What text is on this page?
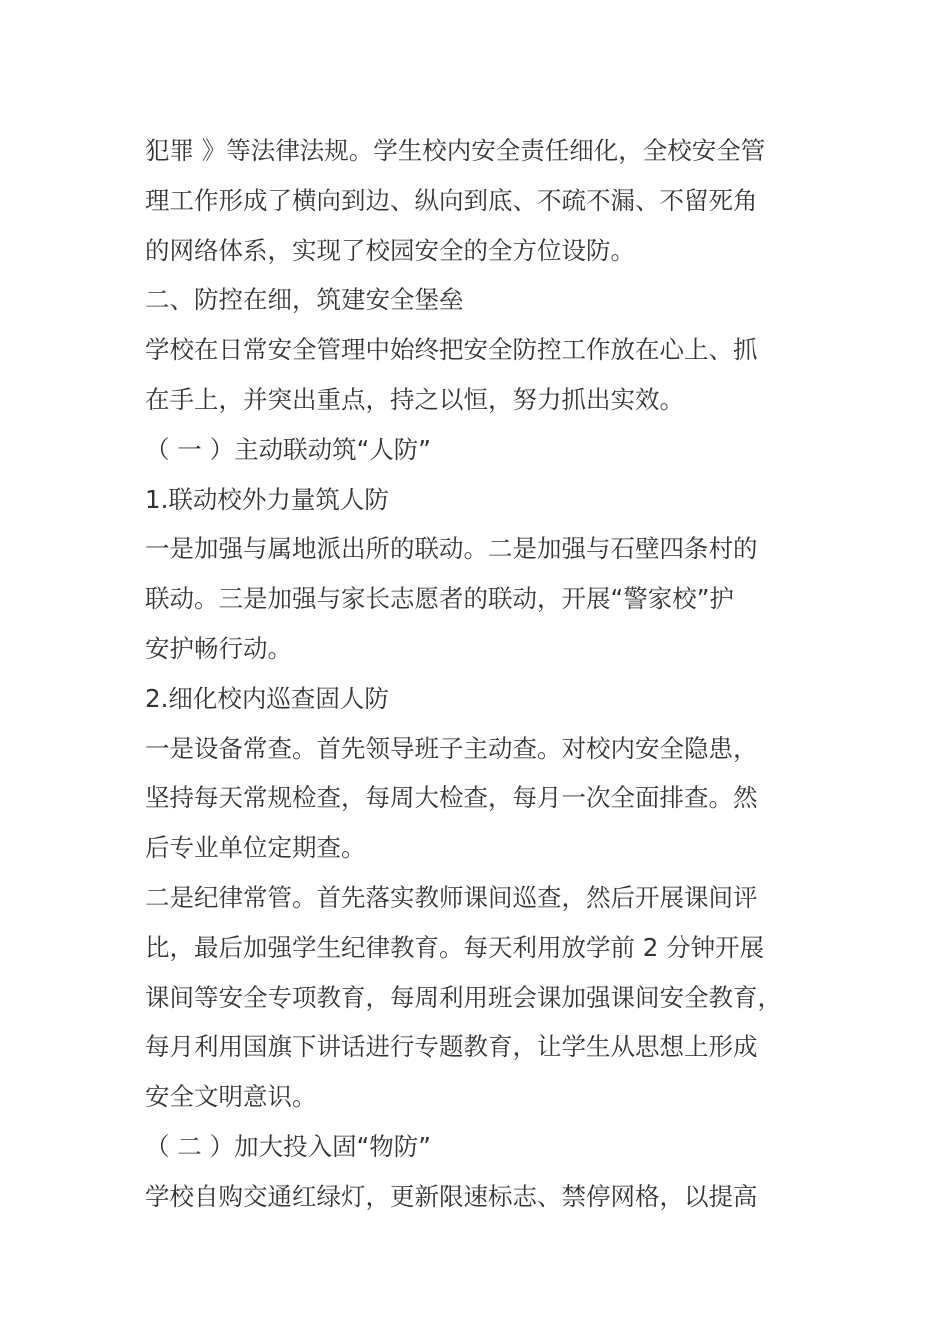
犯罪 》等法律法规。学生校内安全责任细化，全校安全管
理工作形成了横向到边、纵向到底、不疏不漏、不留死角
的网络体系，实现了校园安全的全方位设防。
二、防控在细，筑建安全堡垒
学校在日常安全管理中始终把安全防控工作放在心上、抓
在手上，并突出重点，持之以恒，努力抓出实效。
（ 一 ）主动联动筑“人防”
1.联动校外力量筑人防
一是加强与属地派出所的联动。二是加强与石壁四条村的
联动。三是加强与家长志愿者的联动，开展“警家校”护
安护畅行动。
2.细化校内巡查固人防
一是设备常查。首先领导班子主动查。对校内安全隐患，
坚持每天常规检查，每周大检查，每月一次全面排查。然
后专业单位定期查。
二是纪律常管。首先落实教师课间巡查，然后开展课间评
比，最后加强学生纪律教育。每天利用放学前 2 分钟开展
课间等安全专项教育，每周利用班会课加强课间安全教育，
每月利用国旗下讲话进行专题教育，让学生从思想上形成
安全文明意识。
（ 二 ）加大投入固“物防”
学校自购交通红绿灯，更新限速标志、禁停网格，以提高
